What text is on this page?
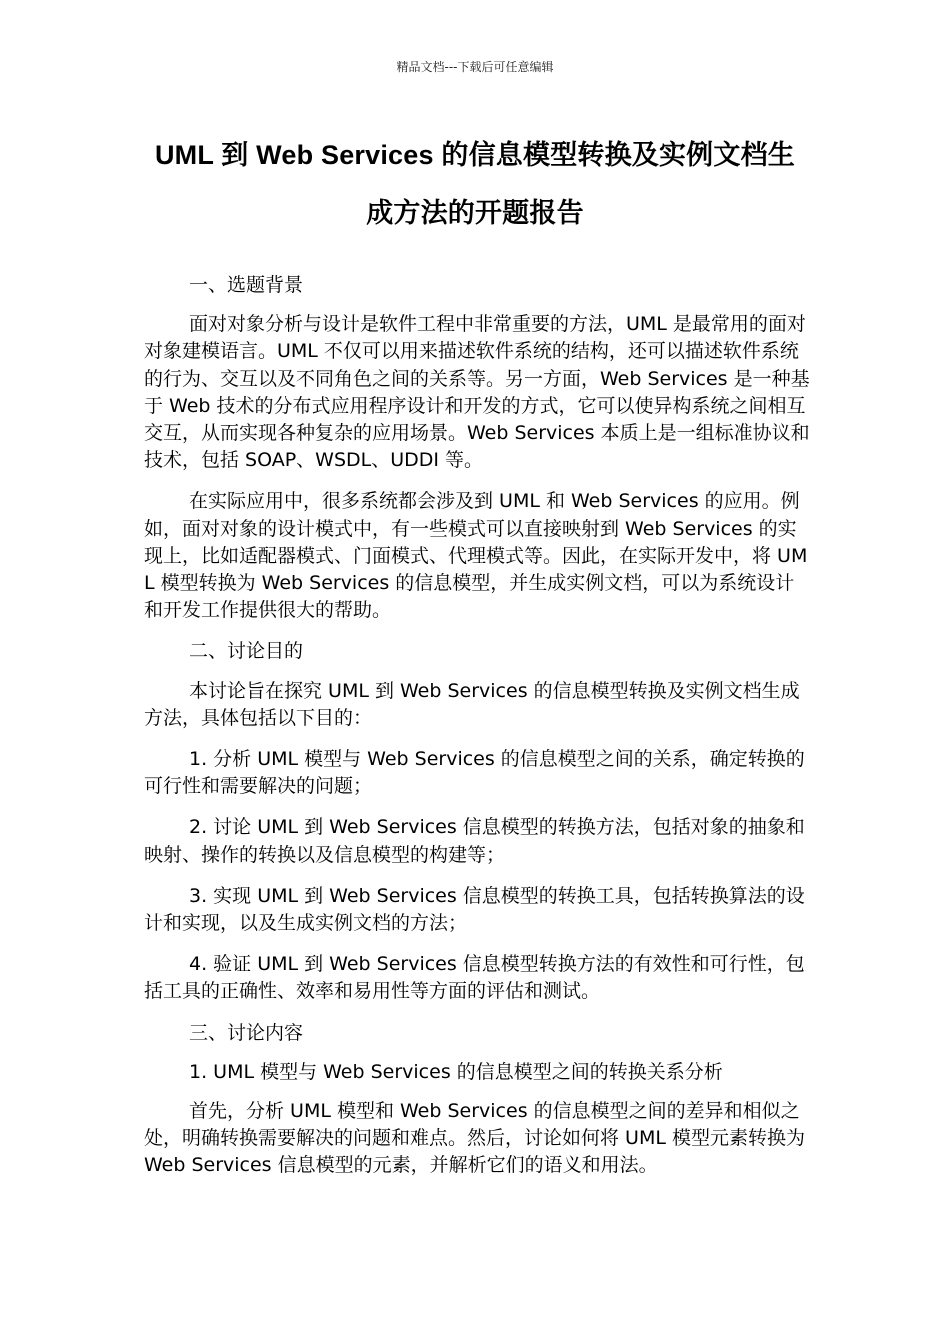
精品文档---下载后可任意编辑
UML 到 Web Services 的信息模型转换及实例文档生
成方法的开题报告

一、选题背景

面对对象分析与设计是软件工程中非常重要的方法，UML 是最常用的面对对象建模语言。UML 不仅可以用来描述软件系统的结构，还可以描述软件系统的行为、交互以及不同角色之间的关系等。另一方面，Web Services 是一种基于 Web 技术的分布式应用程序设计和开发的方式，它可以使异构系统之间相互交互，从而实现各种复杂的应用场景。Web Services 本质上是一组标准协议和技术，包括 SOAP、WSDL、UDDI 等。

在实际应用中，很多系统都会涉及到 UML 和 Web Services 的应用。例如，面对对象的设计模式中，有一些模式可以直接映射到 Web Services 的实现上，比如适配器模式、门面模式、代理模式等。因此，在实际开发中，将 UML 模型转换为 Web Services 的信息模型，并生成实例文档，可以为系统设计和开发工作提供很大的帮助。

二、讨论目的

本讨论旨在探究 UML 到 Web Services 的信息模型转换及实例文档生成方法，具体包括以下目的：

1. 分析 UML 模型与 Web Services 的信息模型之间的关系，确定转换的可行性和需要解决的问题；

2. 讨论 UML 到 Web Services 信息模型的转换方法，包括对象的抽象和映射、操作的转换以及信息模型的构建等；

3. 实现 UML 到 Web Services 信息模型的转换工具，包括转换算法的设计和实现，以及生成实例文档的方法；

4. 验证 UML 到 Web Services 信息模型转换方法的有效性和可行性，包括工具的正确性、效率和易用性等方面的评估和测试。

三、讨论内容

1. UML 模型与 Web Services 的信息模型之间的转换关系分析

首先，分析 UML 模型和 Web Services 的信息模型之间的差异和相似之处，明确转换需要解决的问题和难点。然后，讨论如何将 UML 模型元素转换为 Web Services 信息模型的元素，并解析它们的语义和用法。
